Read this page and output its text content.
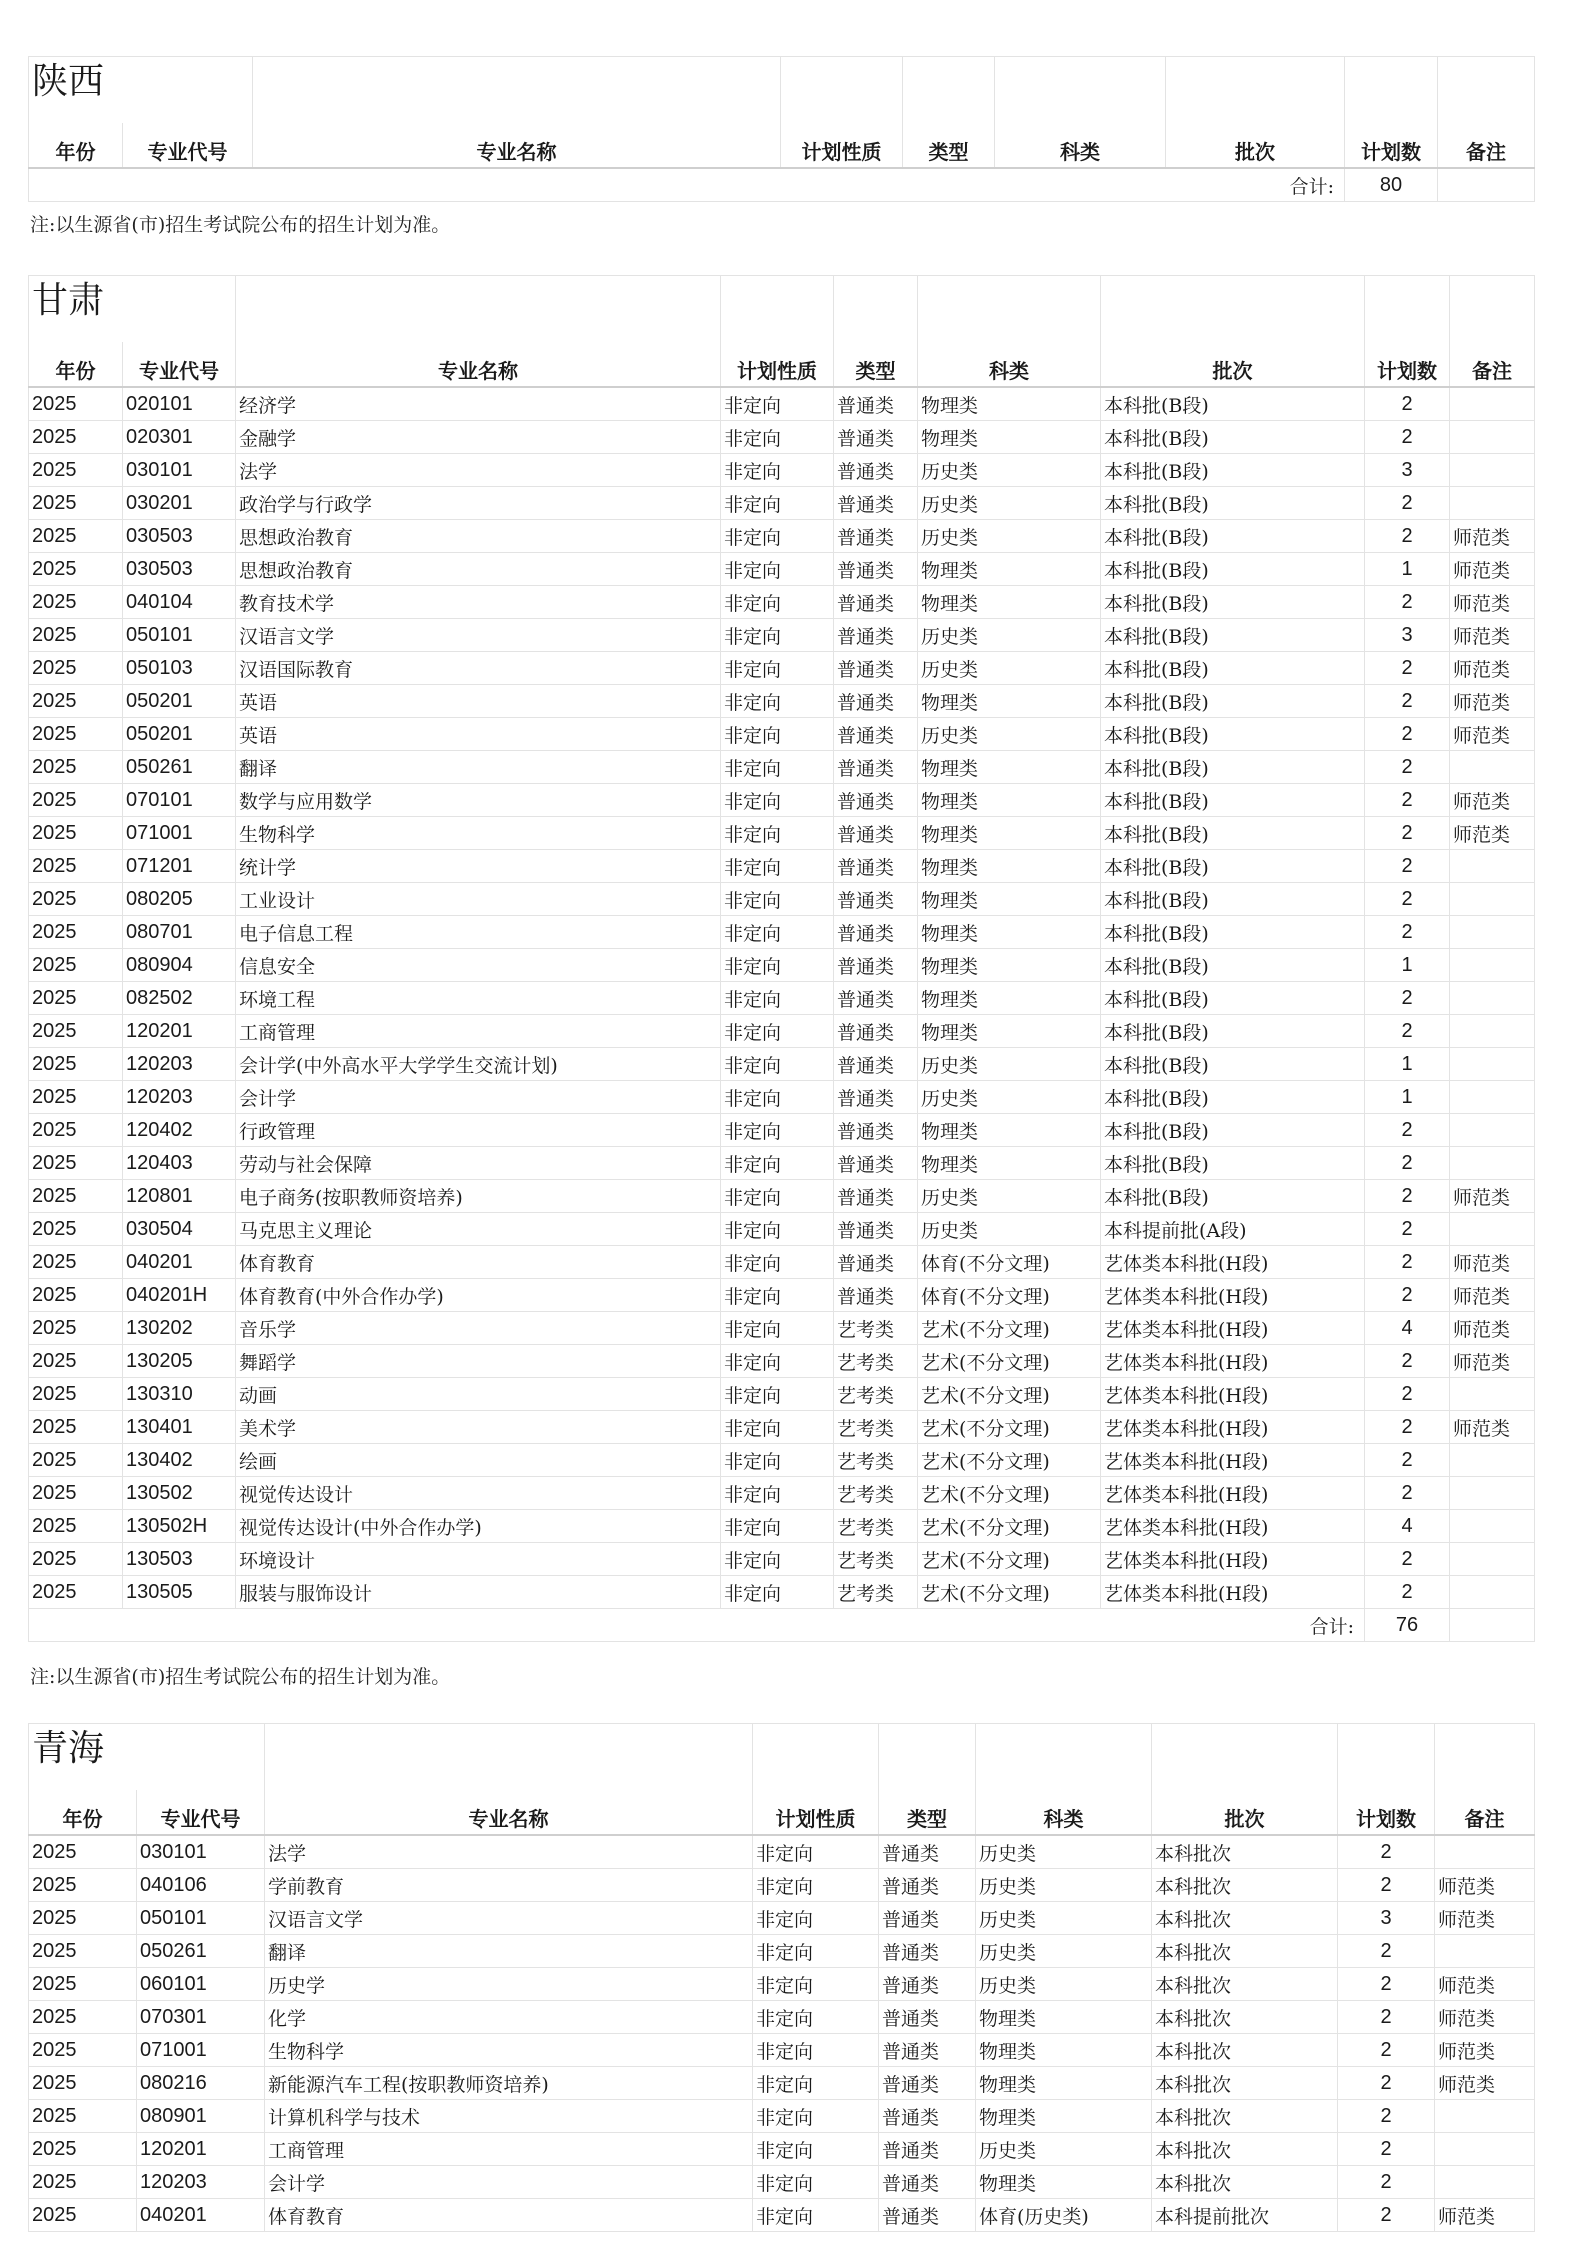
陕西								
年份	专业代号	专业名称	计划性质	类型	科类	批次	计划数	备注
合计:							80	
注:以生源省(市)招生考试院公布的招生计划为准。
甘肃								
年份	专业代号	专业名称	计划性质	类型	科类	批次	计划数	备注
2025	020101	经济学	非定向	普通类	物理类	本科批(B段)	2	
2025	020301	金融学	非定向	普通类	物理类	本科批(B段)	2	
2025	030101	法学	非定向	普通类	历史类	本科批(B段)	3	
2025	030201	政治学与行政学	非定向	普通类	历史类	本科批(B段)	2	
2025	030503	思想政治教育	非定向	普通类	历史类	本科批(B段)	2	师范类
2025	030503	思想政治教育	非定向	普通类	物理类	本科批(B段)	1	师范类
2025	040104	教育技术学	非定向	普通类	物理类	本科批(B段)	2	师范类
2025	050101	汉语言文学	非定向	普通类	历史类	本科批(B段)	3	师范类
2025	050103	汉语国际教育	非定向	普通类	历史类	本科批(B段)	2	师范类
2025	050201	英语	非定向	普通类	物理类	本科批(B段)	2	师范类
2025	050201	英语	非定向	普通类	历史类	本科批(B段)	2	师范类
2025	050261	翻译	非定向	普通类	物理类	本科批(B段)	2	
2025	070101	数学与应用数学	非定向	普通类	物理类	本科批(B段)	2	师范类
2025	071001	生物科学	非定向	普通类	物理类	本科批(B段)	2	师范类
2025	071201	统计学	非定向	普通类	物理类	本科批(B段)	2	
2025	080205	工业设计	非定向	普通类	物理类	本科批(B段)	2	
2025	080701	电子信息工程	非定向	普通类	物理类	本科批(B段)	2	
2025	080904	信息安全	非定向	普通类	物理类	本科批(B段)	1	
2025	082502	环境工程	非定向	普通类	物理类	本科批(B段)	2	
2025	120201	工商管理	非定向	普通类	物理类	本科批(B段)	2	
2025	120203	会计学(中外高水平大学学生交流计划)	非定向	普通类	历史类	本科批(B段)	1	
2025	120203	会计学	非定向	普通类	历史类	本科批(B段)	1	
2025	120402	行政管理	非定向	普通类	物理类	本科批(B段)	2	
2025	120403	劳动与社会保障	非定向	普通类	物理类	本科批(B段)	2	
2025	120801	电子商务(按职教师资培养)	非定向	普通类	历史类	本科批(B段)	2	师范类
2025	030504	马克思主义理论	非定向	普通类	历史类	本科提前批(A段)	2	
2025	040201	体育教育	非定向	普通类	体育(不分文理)	艺体类本科批(H段)	2	师范类
2025	040201H	体育教育(中外合作办学)	非定向	普通类	体育(不分文理)	艺体类本科批(H段)	2	师范类
2025	130202	音乐学	非定向	艺考类	艺术(不分文理)	艺体类本科批(H段)	4	师范类
2025	130205	舞蹈学	非定向	艺考类	艺术(不分文理)	艺体类本科批(H段)	2	师范类
2025	130310	动画	非定向	艺考类	艺术(不分文理)	艺体类本科批(H段)	2	
2025	130401	美术学	非定向	艺考类	艺术(不分文理)	艺体类本科批(H段)	2	师范类
2025	130402	绘画	非定向	艺考类	艺术(不分文理)	艺体类本科批(H段)	2	
2025	130502	视觉传达设计	非定向	艺考类	艺术(不分文理)	艺体类本科批(H段)	2	
2025	130502H	视觉传达设计(中外合作办学)	非定向	艺考类	艺术(不分文理)	艺体类本科批(H段)	4	
2025	130503	环境设计	非定向	艺考类	艺术(不分文理)	艺体类本科批(H段)	2	
2025	130505	服装与服饰设计	非定向	艺考类	艺术(不分文理)	艺体类本科批(H段)	2	
合计:							76	
注:以生源省(市)招生考试院公布的招生计划为准。
青海								
年份	专业代号	专业名称	计划性质	类型	科类	批次	计划数	备注
2025	030101	法学	非定向	普通类	历史类	本科批次	2	
2025	040106	学前教育	非定向	普通类	历史类	本科批次	2	师范类
2025	050101	汉语言文学	非定向	普通类	历史类	本科批次	3	师范类
2025	050261	翻译	非定向	普通类	历史类	本科批次	2	
2025	060101	历史学	非定向	普通类	历史类	本科批次	2	师范类
2025	070301	化学	非定向	普通类	物理类	本科批次	2	师范类
2025	071001	生物科学	非定向	普通类	物理类	本科批次	2	师范类
2025	080216	新能源汽车工程(按职教师资培养)	非定向	普通类	物理类	本科批次	2	师范类
2025	080901	计算机科学与技术	非定向	普通类	物理类	本科批次	2	
2025	120201	工商管理	非定向	普通类	历史类	本科批次	2	
2025	120203	会计学	非定向	普通类	物理类	本科批次	2	
2025	040201	体育教育	非定向	普通类	体育(历史类)	本科提前批次	2	师范类
